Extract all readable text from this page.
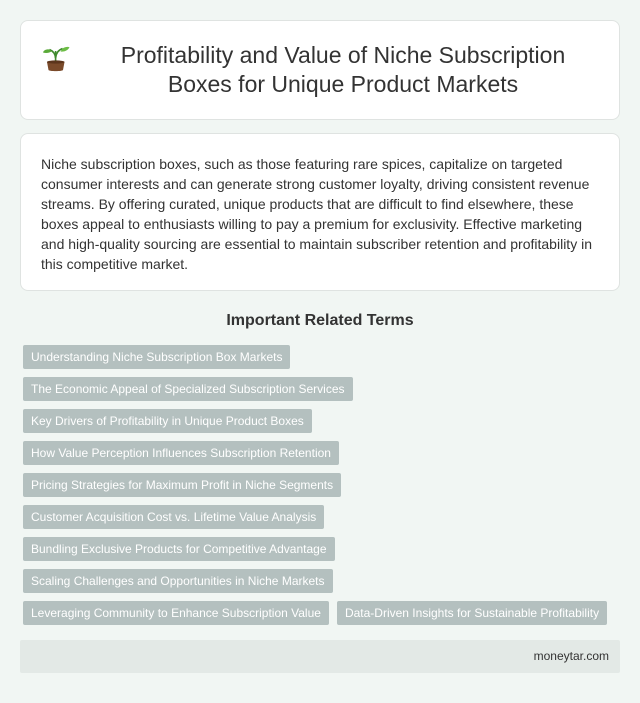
Profitability and Value of Niche Subscription Boxes for Unique Product Markets

Niche subscription boxes, such as those featuring rare spices, capitalize on targeted consumer interests and can generate strong customer loyalty, driving consistent revenue streams. By offering curated, unique products that are difficult to find elsewhere, these boxes appeal to enthusiasts willing to pay a premium for exclusivity. Effective marketing and high-quality sourcing are essential to maintain subscriber retention and profitability in this competitive market.

Important Related Terms
Understanding Niche Subscription Box Markets
The Economic Appeal of Specialized Subscription Services
Key Drivers of Profitability in Unique Product Boxes
How Value Perception Influences Subscription Retention
Pricing Strategies for Maximum Profit in Niche Segments
Customer Acquisition Cost vs. Lifetime Value Analysis
Bundling Exclusive Products for Competitive Advantage
Scaling Challenges and Opportunities in Niche Markets
Leveraging Community to Enhance Subscription Value	Data-Driven Insights for Sustainable Profitability
moneytar.com
